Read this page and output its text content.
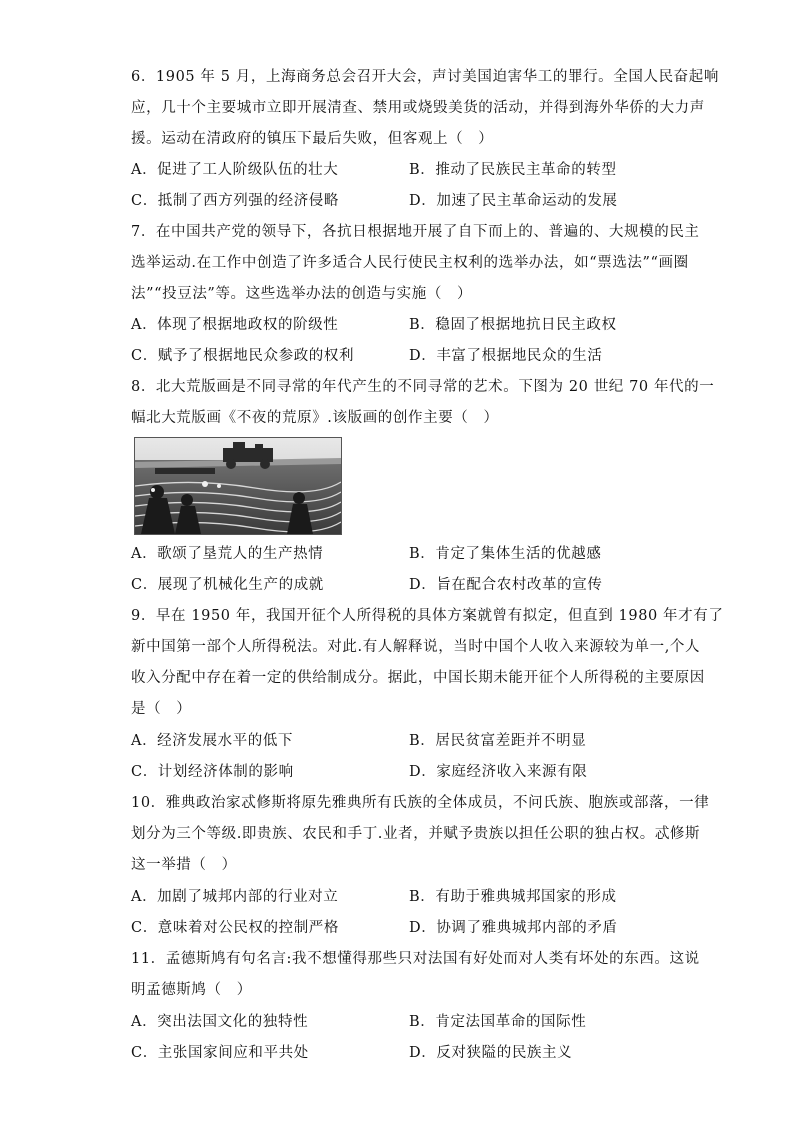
6．1905 年 5 月，上海商务总会召开大会，声讨美国迫害华工的罪行。全国人民奋起响
应，几十个主要城市立即开展清查、禁用或烧毁美货的活动，并得到海外华侨的大力声
援。运动在清政府的镇压下最后失败，但客观上（　）
A．促进了工人阶级队伍的壮大	B．推动了民族民主革命的转型
C．抵制了西方列强的经济侵略	D．加速了民主革命运动的发展
7．在中国共产党的领导下，各抗日根据地开展了自下而上的、普遍的、大规模的民主
选举运动.在工作中创造了许多适合人民行使民主权利的选举办法，如“票选法”“画圈
法”“投豆法”等。这些选举办法的创造与实施（　）
A．体现了根据地政权的阶级性	B．稳固了根据地抗日民主政权
C．赋予了根据地民众参政的权利	D．丰富了根据地民众的生活
8．北大荒版画是不同寻常的年代产生的不同寻常的艺术。下图为 20 世纪 70 年代的一
幅北大荒版画《不夜的荒原》.该版画的创作主要（　）
A．歌颂了垦荒人的生产热情	B．肯定了集体生活的优越感
C．展现了机械化生产的成就	D．旨在配合农村改革的宣传
9．早在 1950 年，我国开征个人所得税的具体方案就曾有拟定，但直到 1980 年才有了
新中国第一部个人所得税法。对此.有人解释说，当时中国个人收入来源较为单一,个人
收入分配中存在着一定的供给制成分。据此，中国长期未能开征个人所得税的主要原因
是（　）
A．经济发展水平的低下	B．居民贫富差距并不明显
C．计划经济体制的影响	D．家庭经济收入来源有限
10．雅典政治家忒修斯将原先雅典所有氏族的全体成员，不问氏族、胞族或部落，一律
划分为三个等级.即贵族、农民和手丁.业者，并赋予贵族以担任公职的独占权。忒修斯
这一举措（　）
A．加剧了城邦内部的行业对立	B．有助于雅典城邦国家的形成
C．意味着对公民权的控制严格	D．协调了雅典城邦内部的矛盾
11．孟德斯鸠有句名言:我不想懂得那些只对法国有好处而对人类有坏处的东西。这说
明孟德斯鸠（　）
A．突出法国文化的独特性	B．肯定法国革命的国际性
C．主张国家间应和平共处	D．反对狭隘的民族主义
